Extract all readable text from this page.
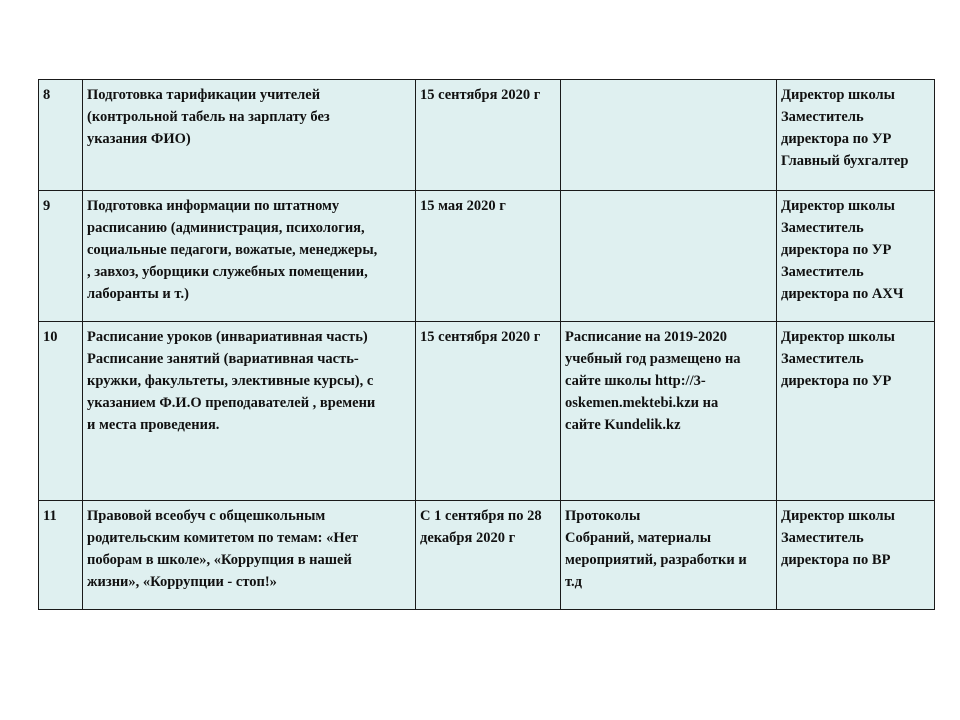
8	Подготовка тарификации учителей
(контрольной табель на зарплату без
указания ФИО)	15 сентября 2020 г		Директор школы
Заместитель
директора по УР
Главный бухгалтер

9	Подготовка информации по штатному
расписанию (администрация, психология,
социальные педагоги, вожатые, менеджеры,
, завхоз, уборщики служебных помещении,
лаборанты и т.)	15 мая 2020 г		Директор школы
Заместитель
директора по УР
Заместитель
директора по АХЧ

10	Расписание уроков (инвариативная часть)
Расписание занятий (вариативная часть-
кружки, факультеты, элективные курсы), с
указанием Ф.И.О преподавателей , времени
и места проведения.	15 сентября 2020 г	Расписание на 2019-2020
учебный год размещено на
сайте школы http://3-
oskemen.mektebi.kzи на
сайте Kundelik.kz	Директор школы
Заместитель
директора по УР

11	Правовой всеобуч с общешкольным
родительским комитетом по темам: «Нет
поборам в школе», «Коррупция в нашей
жизни», «Коррупции - стоп!»	С 1 сентября по 28
декабря 2020 г	Протоколы
Собраний, материалы
мероприятий, разработки и
т.д	Директор школы
Заместитель
директора по ВР
